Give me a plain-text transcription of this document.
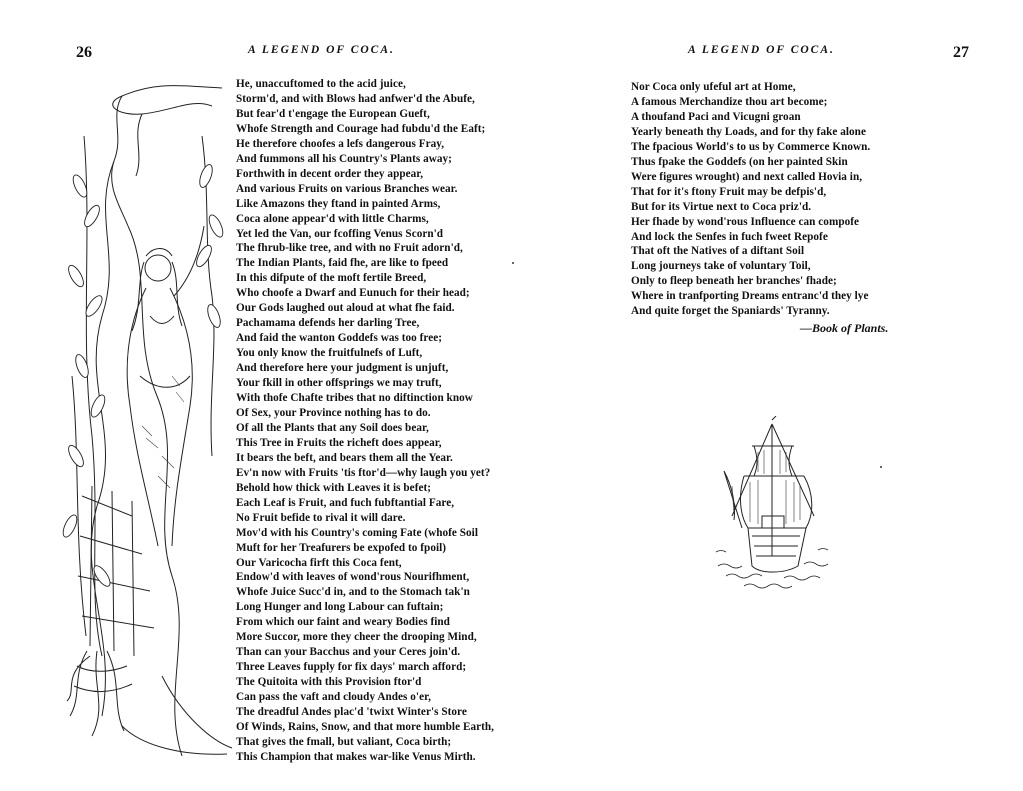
26	A LEGEND OF COCA.
He, unaccuftomed to the acid juice,
Storm'd, and with Blows had anfwer'd the Abufe,
But fear'd t'engage the European Gueft,
Whofe Strength and Courage had fubdu'd the Eaft;
He therefore choofes a lefs dangerous Fray,
And fummons all his Country's Plants away;
Forthwith in decent order they appear,
And various Fruits on various Branches wear.
Like Amazons they ftand in painted Arms,
Coca alone appear'd with little Charms,
Yet led the Van, our fcoffing Venus Scorn'd
The fhrub-like tree, and with no Fruit adorn'd,
The Indian Plants, faid fhe, are like to fpeed
In this difpute of the moft fertile Breed,
Who choofe a Dwarf and Eunuch for their head;
Our Gods laughed out aloud at what fhe faid.
Pachamama defends her darling Tree,
And faid the wanton Goddefs was too free;
You only know the fruitfulnefs of Luft,
And therefore here your judgment is unjuft,
Your fkill in other offsprings we may truft,
With thofe Chafte tribes that no diftinction know
Of Sex, your Province nothing has to do.
Of all the Plants that any Soil does bear,
This Tree in Fruits the richeft does appear,
It bears the beft, and bears them all the Year.
Ev'n now with Fruits 'tis ftor'd—why laugh you yet?
Behold how thick with Leaves it is befet;
Each Leaf is Fruit, and fuch fubftantial Fare,
No Fruit befide to rival it will dare.
Mov'd with his Country's coming Fate (whofe Soil
Muft for her Treafurers be expofed to fpoil)
Our Varicocha firft this Coca fent,
Endow'd with leaves of wond'rous Nourifhment,
Whofe Juice Succ'd in, and to the Stomach tak'n
Long Hunger and long Labour can fuftain;
From which our faint and weary Bodies find
More Succor, more they cheer the drooping Mind,
Than can your Bacchus and your Ceres join'd.
Three Leaves fupply for fix days' march afford;
The Quitoita with this Provision ftor'd
Can pass the vaft and cloudy Andes o'er,
The dreadful Andes plac'd 'twixt Winter's Store
Of Winds, Rains, Snow, and that more humble Earth,
That gives the fmall, but valiant, Coca birth;
This Champion that makes war-like Venus Mirth.
A LEGEND OF COCA.	27
Nor Coca only ufeful art at Home,
A famous Merchandize thou art become;
A thoufand Paci and Vicugni groan
Yearly beneath thy Loads, and for thy fake alone
The fpacious World's to us by Commerce Known.
Thus fpake the Goddefs (on her painted Skin
Were figures wrought) and next called Hovia in,
That for it's ftony Fruit may be defpis'd,
But for its Virtue next to Coca priz'd.
Her fhade by wond'rous Influence can compofe
And lock the Senfes in fuch fweet Repofe
That oft the Natives of a diftant Soil
Long journeys take of voluntary Toil,
Only to fleep beneath her branches' fhade;
Where in tranfporting Dreams entranc'd they lye
And quite forget the Spaniards' Tyranny.
—Book of Plants.
